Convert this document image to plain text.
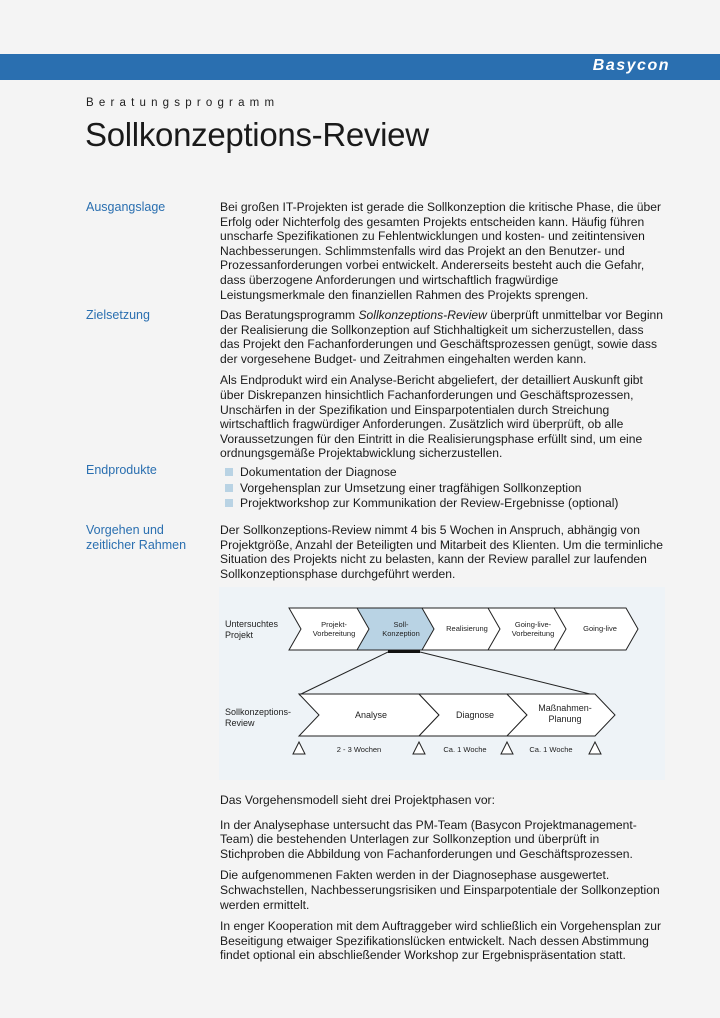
Basycon
Beratungsprogramm
Sollkonzeptions-Review
Ausgangslage	Bei großen IT-Projekten ist gerade die Sollkonzeption die kritische Phase, die über Erfolg oder Nichterfolg des gesamten Projekts entscheiden kann. Häufig führen unscharfe Spezifikationen zu Fehlentwicklungen und kosten- und zeitintensiven Nachbesserungen. Schlimmstenfalls wird das Projekt an den Benutzer- und Prozessanforderungen vorbei entwickelt. Andererseits besteht auch die Gefahr, dass überzogene Anforderungen und wirtschaftlich fragwürdige Leistungsmerkmale den finanziellen Rahmen des Projekts sprengen.

Zielsetzung	Das Beratungsprogramm Sollkonzeptions-Review überprüft unmittelbar vor Beginn der Realisierung die Sollkonzeption auf Stichhaltigkeit um sicherzustellen, dass das Projekt den Fachanforderungen und Geschäftsprozessen genügt, sowie dass der vorgesehene Budget- und Zeitrahmen eingehalten werden kann.

Als Endprodukt wird ein Analyse-Bericht abgeliefert, der detailliert Auskunft gibt über Diskrepanzen hinsichtlich Fachanforderungen und Geschäftsprozessen, Unschärfen in der Spezifikation und Einsparpotentialen durch Streichung wirtschaftlich fragwürdiger Anforderungen. Zusätzlich wird überprüft, ob alle Voraussetzungen für den Eintritt in die Realisierungsphase erfüllt sind, um eine ordnungsgemäße Projektabwicklung sicherzustellen.

Endprodukte	Dokumentation der Diagnose
Vorgehensplan zur Umsetzung einer tragfähigen Sollkonzeption
Projektworkshop zur Kommunikation der Review-Ergebnisse (optional)
Vorgehen und
zeitlicher Rahmen

Der Sollkonzeptions-Review nimmt 4 bis 5 Wochen in Anspruch, abhängig von Projektgröße, Anzahl der Beteiligten und Mitarbeit des Klienten. Um die terminliche Situation des Projekts nicht zu belasten, kann der Review parallel zur laufenden Sollkonzeptionsphase durchgeführt werden.

Untersuchtes
Projekt
Projekt-
Vorbereitung
Soll-
Konzeption
Realisierung	Going-live-
Vorbereitung
Going-live
Sollkonzeptions-
Review
Analyse	Diagnose
Maßnahmen-
Planung
2 - 3 Wochen	Ca. 1 Woche	Ca. 1 Woche

Das Vorgehensmodell sieht drei Projektphasen vor:

In der Analysephase untersucht das PM-Team (Basycon Projektmanagement-Team) die bestehenden Unterlagen zur Sollkonzeption und überprüft in Stichproben die Abbildung von Fachanforderungen und Geschäftsprozessen.

Die aufgenommenen Fakten werden in der Diagnosephase ausgewertet. Schwachstellen, Nachbesserungsrisiken und Einsparpotentiale der Sollkonzeption werden ermittelt.

In enger Kooperation mit dem Auftraggeber wird schließlich ein Vorgehensplan zur Beseitigung etwaiger Spezifikationslücken entwickelt. Nach dessen Abstimmung findet optional ein abschließender Workshop zur Ergebnispräsentation statt.
